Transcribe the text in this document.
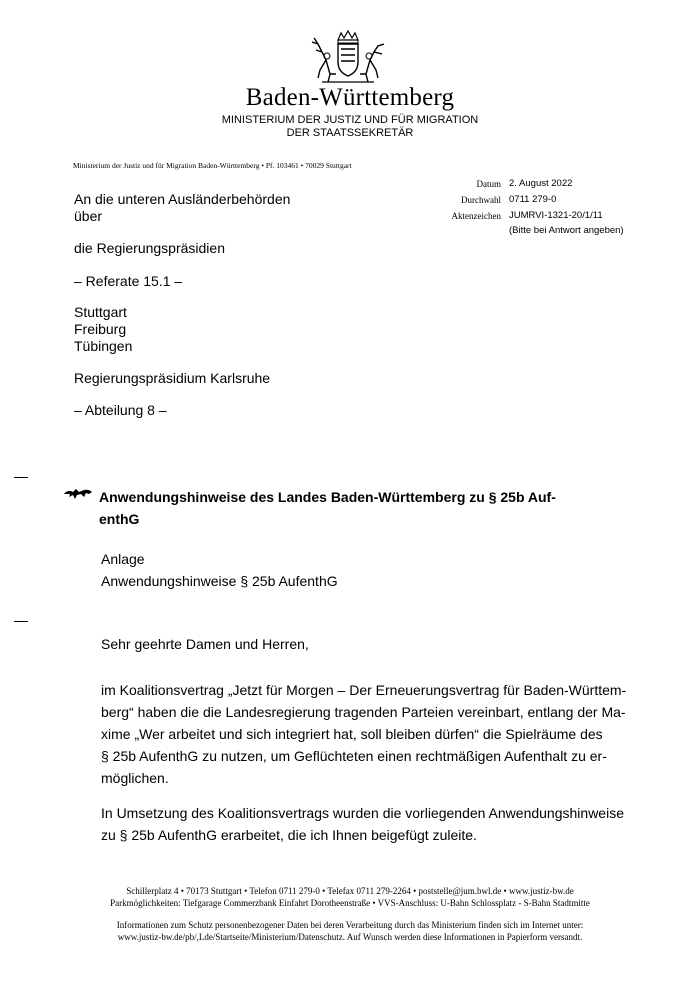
Baden-Württemberg
MINISTERIUM DER JUSTIZ UND FÜR MIGRATION
DER STAATSSEKRETÄR
Ministerium der Justiz und für Migration Baden-Württemberg • Pf. 103461 • 70029 Stuttgart
Datum 2. August 2022
Durchwahl 0711 279-0
Aktenzeichen JUMRVI-1321-20/1/11
(Bitte bei Antwort angeben)
An die unteren Ausländerbehörden
über
die Regierungspräsidien
– Referate 15.1 –
Stuttgart
Freiburg
Tübingen
Regierungspräsidium Karlsruhe
– Abteilung 8 –
Anwendungshinweise des Landes Baden-Württemberg zu § 25b Auf-
enthG
Anlage
Anwendungshinweise § 25b AufenthG
Sehr geehrte Damen und Herren,
im Koalitionsvertrag „Jetzt für Morgen – Der Erneuerungsvertrag für Baden-Württem-
berg“ haben die die Landesregierung tragenden Parteien vereinbart, entlang der Ma-
xime „Wer arbeitet und sich integriert hat, soll bleiben dürfen“ die Spielräume des
§ 25b AufenthG zu nutzen, um Geflüchteten einen rechtmäßigen Aufenthalt zu er-
möglichen.
In Umsetzung des Koalitionsvertrags wurden die vorliegenden Anwendungshinweise
zu § 25b AufenthG erarbeitet, die ich Ihnen beigefügt zuleite.
Schillerplatz 4 • 70173 Stuttgart • Telefon 0711 279-0 • Telefax 0711 279-2264 • poststelle@jum.bwl.de • www.justiz-bw.de
Parkmöglichkeiten: Tiefgarage Commerzbank Einfahrt Dorotheenstraße • VVS-Anschluss: U-Bahn Schlossplatz - S-Bahn Stadtmitte
Informationen zum Schutz personenbezogener Daten bei deren Verarbeitung durch das Ministerium finden sich im Internet unter:
www.justiz-bw.de/pb/,Lde/Startseite/Ministerium/Datenschutz. Auf Wunsch werden diese Informationen in Papierform versandt.
